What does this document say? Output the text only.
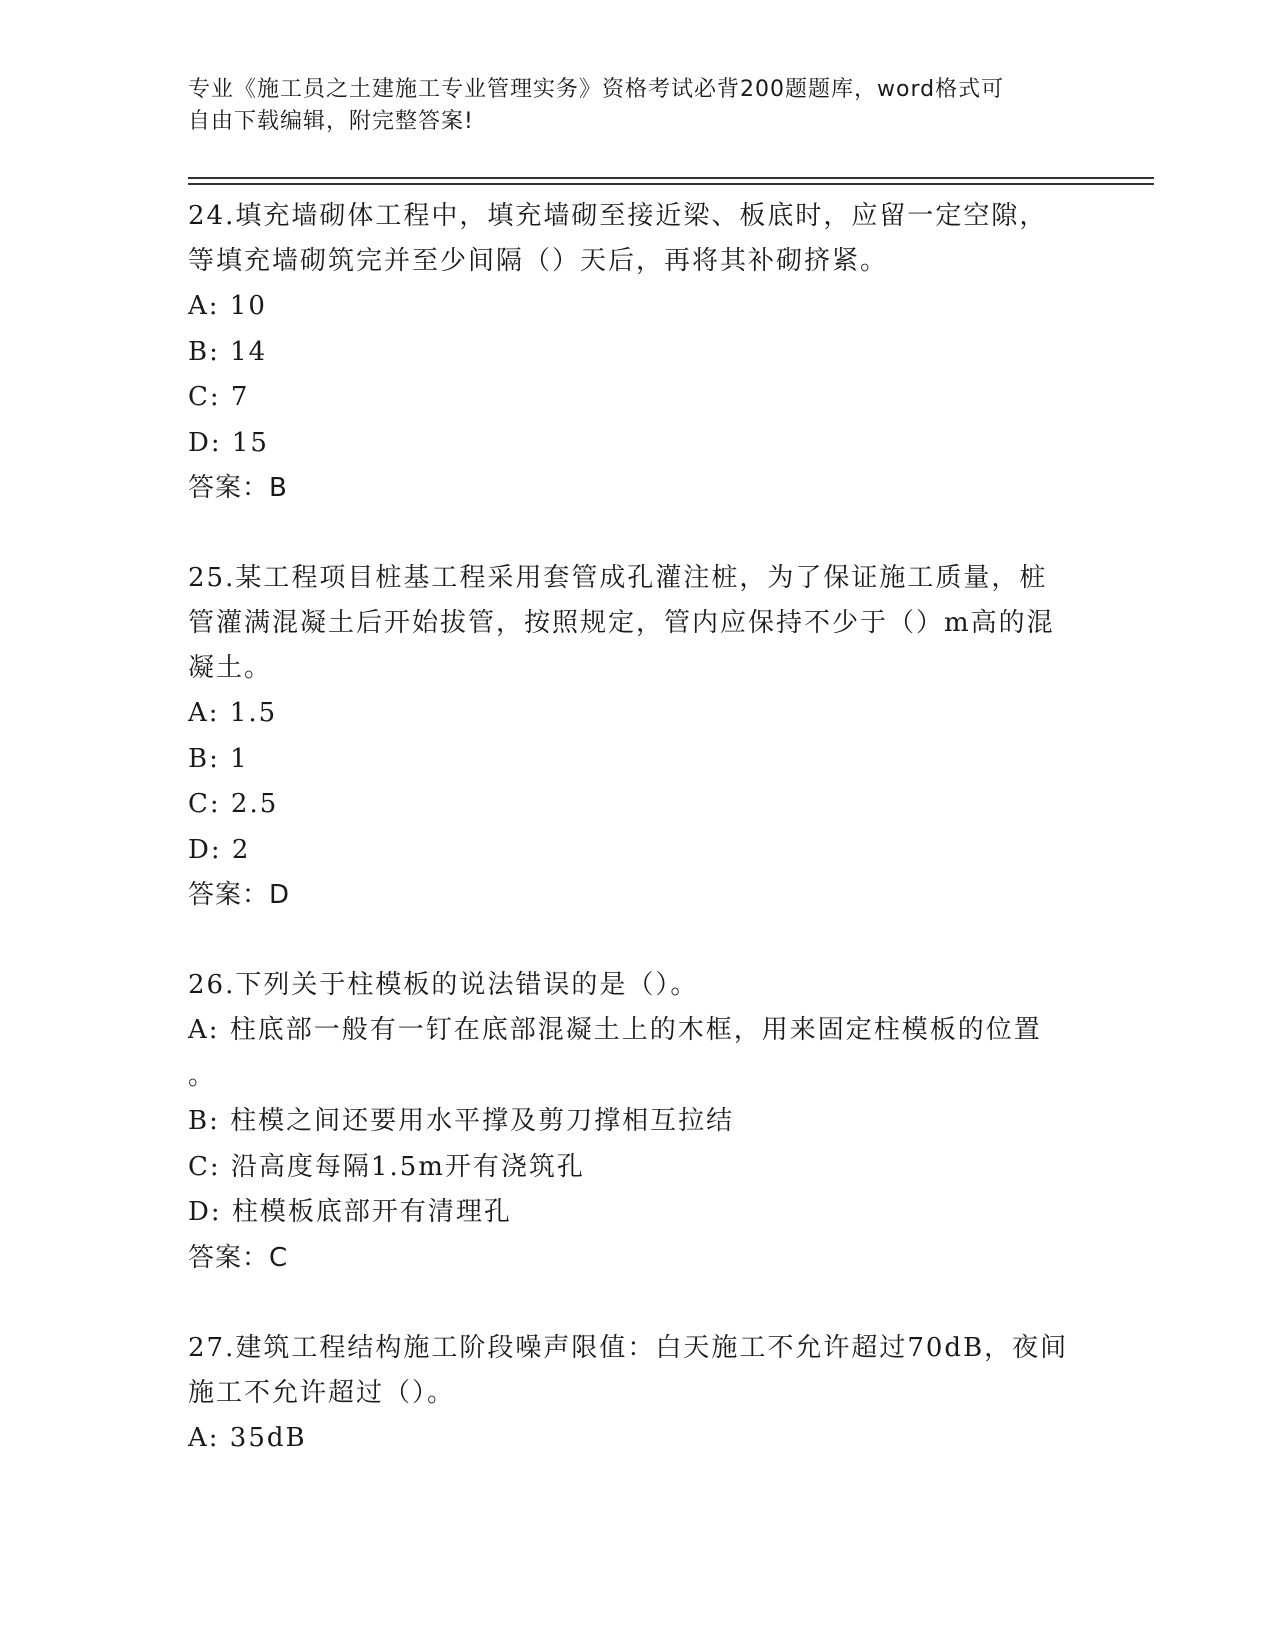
专业《施工员之土建施工专业管理实务》资格考试必背200题题库，word格式可
自由下载编辑，附完整答案!
24.填充墙砌体工程中，填充墙砌至接近梁、板底时，应留一定空隙，
等填充墙砌筑完并至少间隔（）天后，再将其补砌挤紧。
A: 10
B: 14
C: 7
D: 15
答案：B
25.某工程项目桩基工程采用套管成孔灌注桩，为了保证施工质量，桩
管灌满混凝土后开始拔管，按照规定，管内应保持不少于（）m高的混
凝土。
A: 1.5
B: 1
C: 2.5
D: 2
答案：D
26.下列关于柱模板的说法错误的是（）。
A: 柱底部一般有一钉在底部混凝土上的木框，用来固定柱模板的位置
。
B: 柱模之间还要用水平撑及剪刀撑相互拉结
C: 沿高度每隔1.5m开有浇筑孔
D: 柱模板底部开有清理孔
答案：C
27.建筑工程结构施工阶段噪声限值：白天施工不允许超过70dB，夜间
施工不允许超过（）。
A: 35dB
